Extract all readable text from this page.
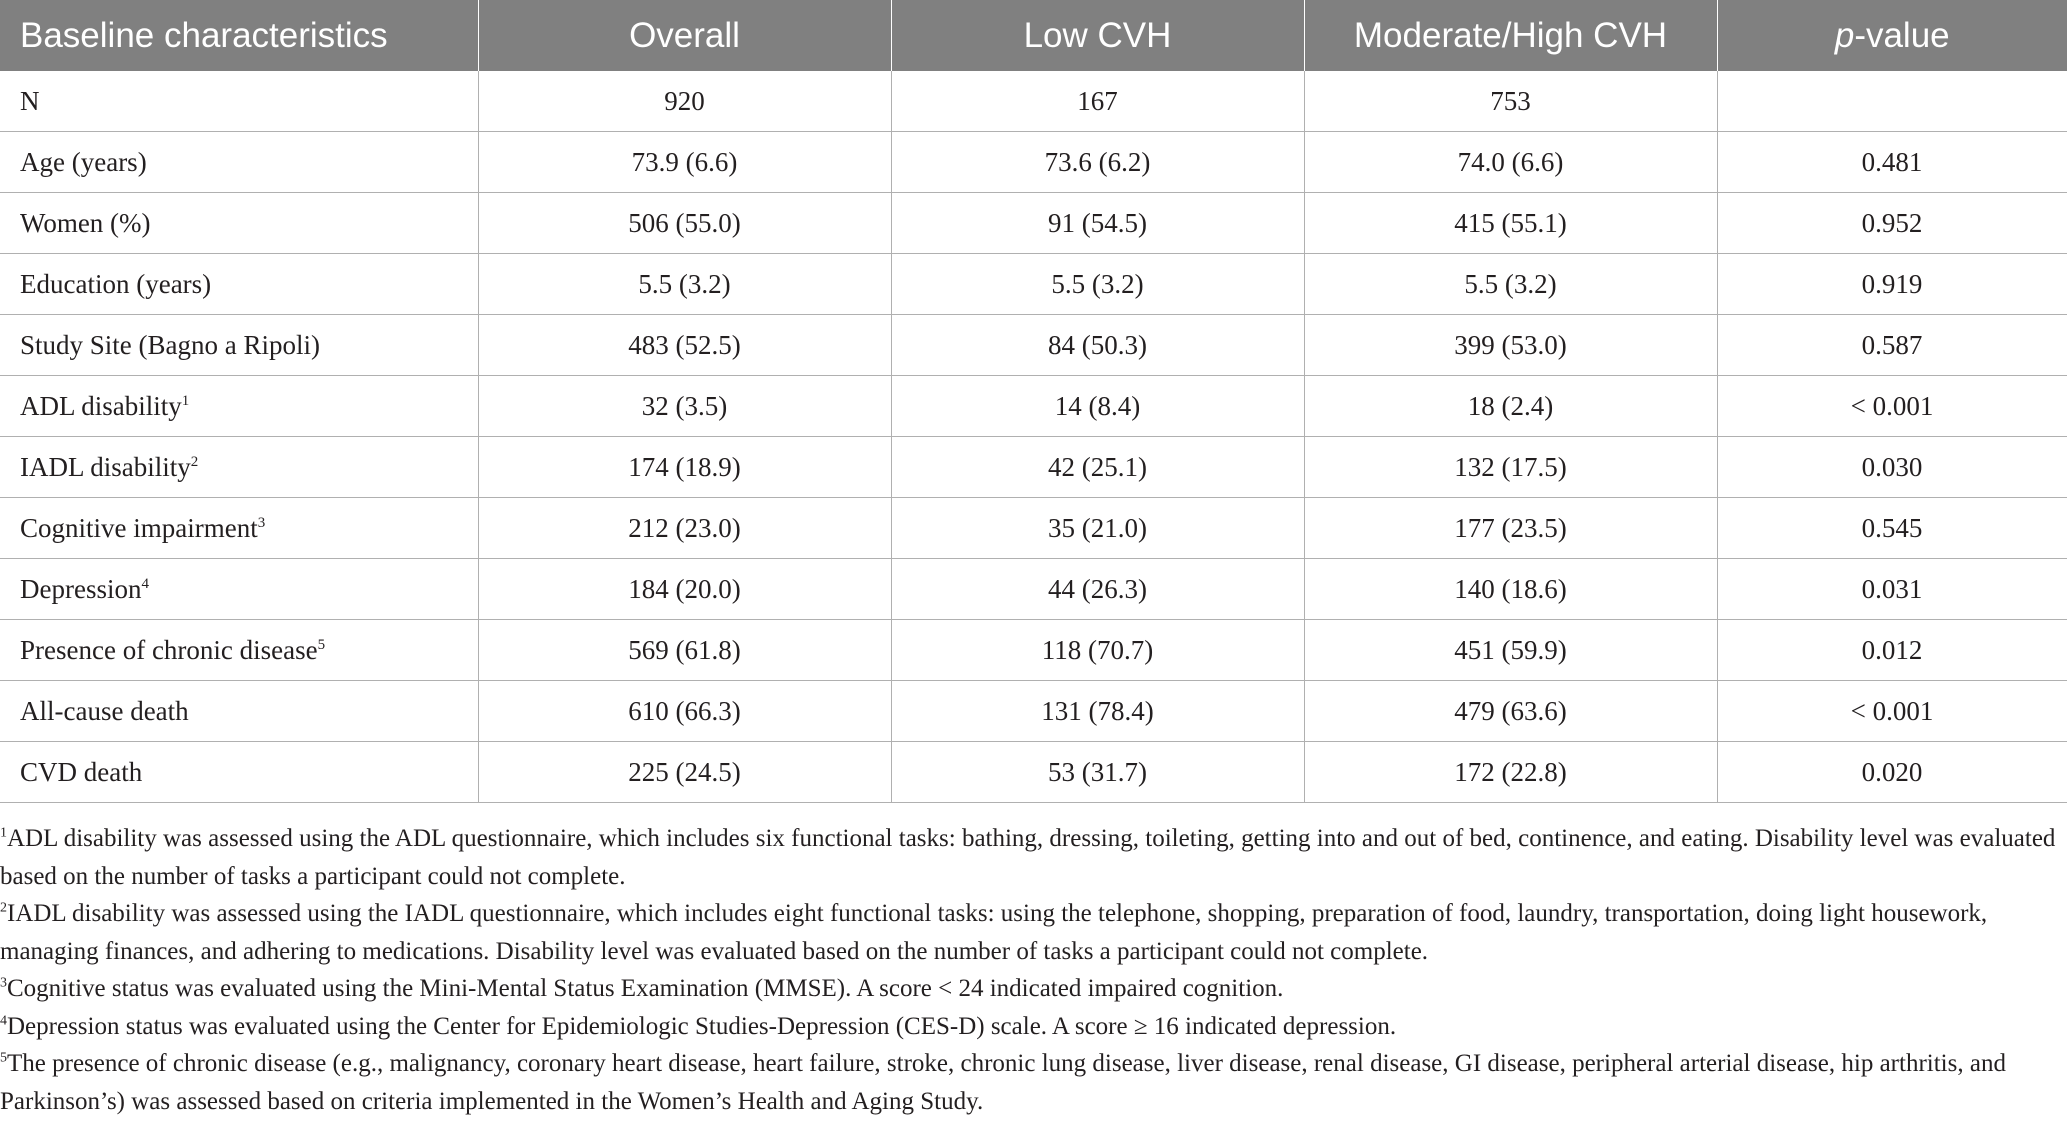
Baseline characteristics	Overall	Low CVH	Moderate/High CVH	p-value
N	920	167	753	
Age (years)	73.9 (6.6)	73.6 (6.2)	74.0 (6.6)	0.481
Women (%)	506 (55.0)	91 (54.5)	415 (55.1)	0.952
Education (years)	5.5 (3.2)	5.5 (3.2)	5.5 (3.2)	0.919
Study Site (Bagno a Ripoli)	483 (52.5)	84 (50.3)	399 (53.0)	0.587
ADL disability$^1$	32 (3.5)	14 (8.4)	18 (2.4)	< 0.001
IADL disability$^2$	174 (18.9)	42 (25.1)	132 (17.5)	0.030
Cognitive impairment$^3$	212 (23.0)	35 (21.0)	177 (23.5)	0.545
Depression$^4$	184 (20.0)	44 (26.3)	140 (18.6)	0.031
Presence of chronic disease$^5$	569 (61.8)	118 (70.7)	451 (59.9)	0.012
All-cause death	610 (66.3)	131 (78.4)	479 (63.6)	< 0.001
CVD death	225 (24.5)	53 (31.7)	172 (22.8)	0.020

$^1$ADL disability was assessed using the ADL questionnaire, which includes six functional tasks: bathing, dressing, toileting, getting into and out of bed, continence, and eating. Disability level was evaluated based on the number of tasks a participant could not complete.

$^2$IADL disability was assessed using the IADL questionnaire, which includes eight functional tasks: using the telephone, shopping, preparation of food, laundry, transportation, doing light housework, managing finances, and adhering to medications. Disability level was evaluated based on the number of tasks a participant could not complete.

$^3$Cognitive status was evaluated using the Mini-Mental Status Examination (MMSE). A score < 24 indicated impaired cognition.

$^4$Depression status was evaluated using the Center for Epidemiologic Studies-Depression (CES-D) scale. A score ≥ 16 indicated depression.

$^5$The presence of chronic disease (e.g., malignancy, coronary heart disease, heart failure, stroke, chronic lung disease, liver disease, renal disease, GI disease, peripheral arterial disease, hip arthritis, and Parkinson’s) was assessed based on criteria implemented in the Women’s Health and Aging Study.
